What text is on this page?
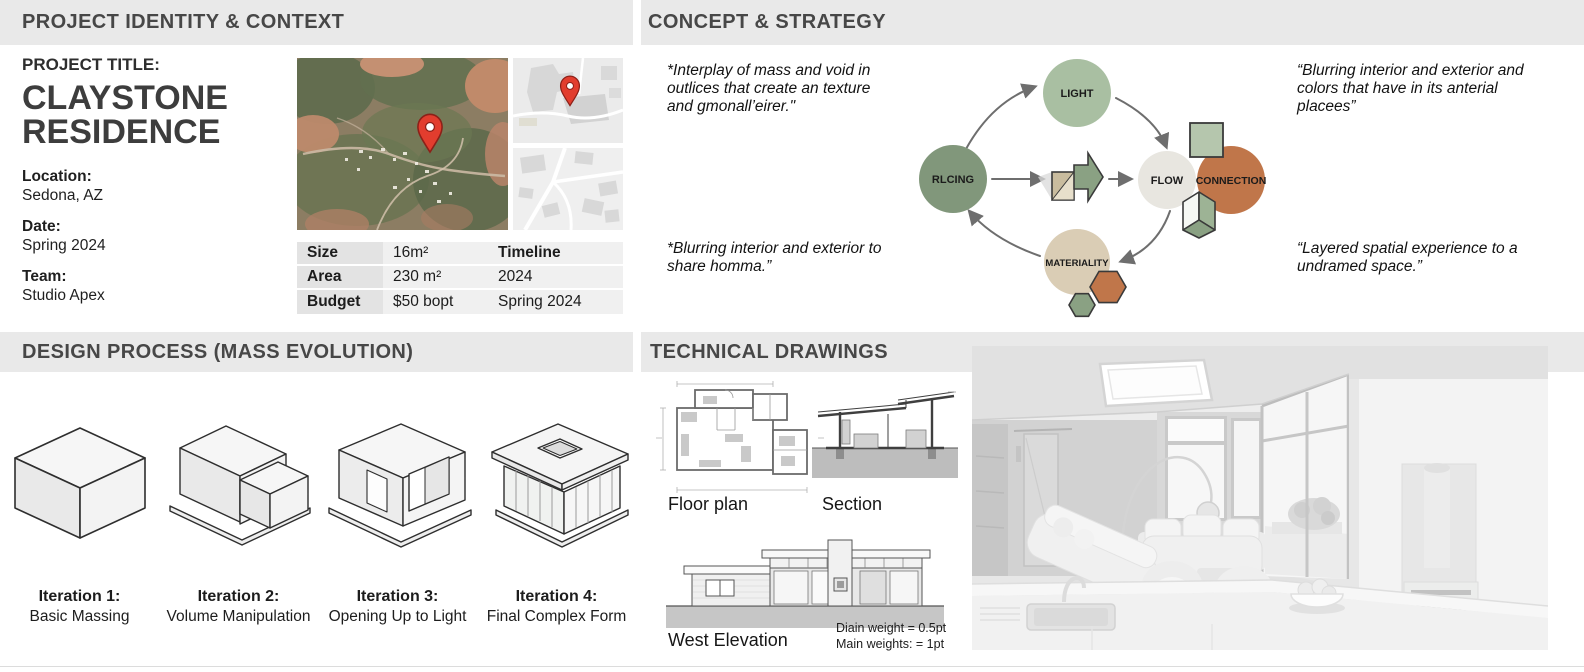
PROJECT IDENTITY & CONTEXT	CONCEPT & STRATEGY
PROJECT TITLE:
CLAYSTONE
RESIDENCE
Location:
Sedona, AZ
Date:
Spring 2024
Team:
Studio Apex
Size	16m²	Timeline
Area	230 m²	2024
Budget	$50 bopt	Spring 2024
*Interplay of mass and void in outlices that create an texture and gmonall’eirer."
*Blurring interior and exterior to share homma.”
“Blurring interior and exterior and colors that have in its anterial placees”
“Layered spatial experience to a undramed space.”
RLCING
LIGHT
FLOW CONNECTION
MATERIALITY
DESIGN PROCESS (MASS EVOLUTION)	TECHNICAL DRAWINGS
Iteration 1:
Basic Massing
Iteration 2:
Volume Manipulation
Iteration 3:
Opening Up to Light
Iteration 4:
Final Complex Form
Floor plan	Section
West Elevation
Diain weight = 0.5pt
Main weights: = 1pt
